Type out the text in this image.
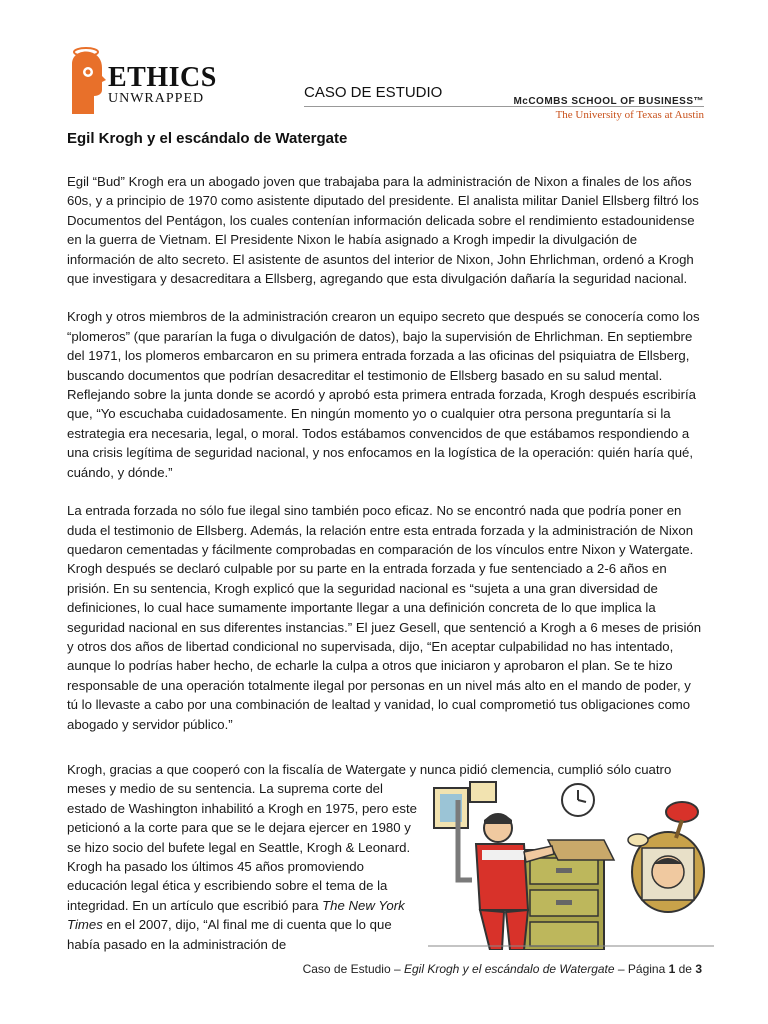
ETHICS
UNWRAPPED	CASO DE ESTUDIO
McCOMBS SCHOOL OF BUSINESS™
The University of Texas at Austin
Egil Krogh y el escándalo de Watergate

Egil “Bud” Krogh era un abogado joven que trabajaba para la administración de Nixon a finales de los años 60s, y a principio de 1970 como asistente diputado del presidente. El analista militar Daniel Ellsberg filtró los Documentos del Pentágon, los cuales contenían información delicada sobre el rendimiento estadounidense en la guerra de Vietnam. El Presidente Nixon le había asignado a Krogh impedir la divulgación de información de alto secreto. El asistente de asuntos del interior de Nixon, John Ehrlichman, ordenó a Krogh que investigara y desacreditara a Ellsberg, agregando que esta divulgación dañaría la seguridad nacional.

Krogh y otros miembros de la administración crearon un equipo secreto que después se conocería como los “plomeros” (que pararían la fuga o divulgación de datos), bajo la supervisión de Ehrlichman. En septiembre del 1971, los plomeros embarcaron en su primera entrada forzada a las oficinas del psiquiatra de Ellsberg, buscando documentos que podrían desacreditar el testimonio de Ellsberg basado en su salud mental. Reflejando sobre la junta donde se acordó y aprobó esta primera entrada forzada, Krogh después escribiría que, “Yo escuchaba cuidadosamente. En ningún momento yo o cualquier otra persona preguntaría si la estrategia era necesaria, legal, o moral. Todos estábamos convencidos de que estábamos respondiendo a una crisis legítima de seguridad nacional, y nos enfocamos en la logística de la operación: quién haría qué, cuándo, y dónde.”

La entrada forzada no sólo fue ilegal sino también poco eficaz. No se encontró nada que podría poner en duda el testimonio de Ellsberg. Además, la relación entre esta entrada forzada y la administración de Nixon quedaron cementadas y fácilmente comprobadas en comparación de los vínculos entre Nixon y Watergate. Krogh después se declaró culpable por su parte en la entrada forzada y fue sentenciado a 2-6 años en prisión. En su sentencia, Krogh explicó que la seguridad nacional es “sujeta a una gran diversidad de definiciones, lo cual hace sumamente importante llegar a una definición concreta de lo que implica la seguridad nacional en sus diferentes instancias.” El juez Gesell, que sentenció a Krogh a 6 meses de prisión y otros dos años de libertad condicional no supervisada, dijo, “En aceptar culpabilidad no has intentado, aunque lo podrías haber hecho, de echarle la culpa a otros que iniciaron y aprobaron el plan. Se te hizo responsable de una operación totalmente ilegal por personas en un nivel más alto en el mando de poder, y tú lo llevaste a cabo por una combinación de lealtad y vanidad, lo cual comprometió tus obligaciones como abogado y servidor público.”

Krogh, gracias a que cooperó con la fiscalía de Watergate y nunca pidió clemencia, cumplió sólo cuatro
meses y medio de su sentencia. La suprema corte del estado de Washington inhabilitó a Krogh en 1975, pero este peticionó a la corte para que se le dejara ejercer en 1980 y se hizo socio del bufete legal en Seattle, Krogh & Leonard. Krogh ha pasado los últimos 45 años promoviendo educación legal ética y escribiendo sobre el tema de la integridad. En un artículo que escribió para The New York Times en el 2007, dijo, “Al final me di cuenta que lo que había pasado en la administración de
Caso de Estudio – Egil Krogh y el escándalo de Watergate – Página 1 de 3
